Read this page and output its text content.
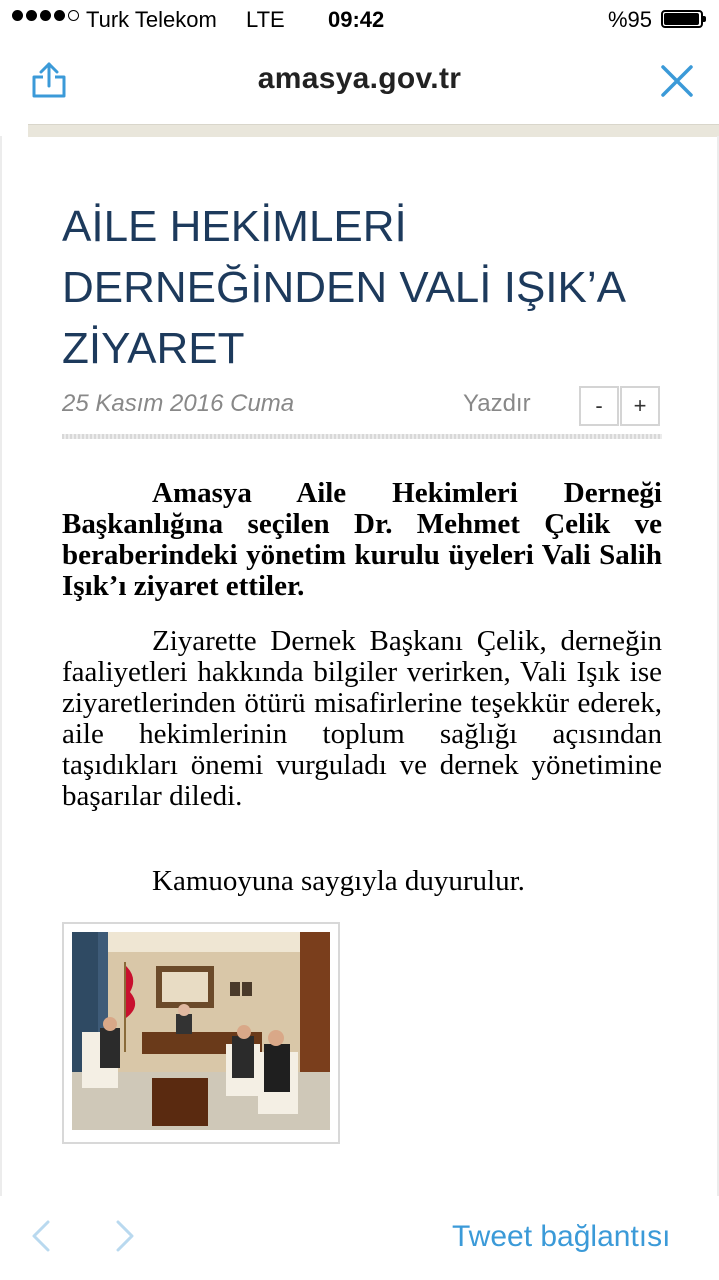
Turk Telekom LTE 09:42	%95
amasya.gov.tr
AİLE HEKİMLERİ DERNEĞİNDEN VALİ IŞIK’A ZİYARET
25 Kasım 2016 Cuma	Yazdır	-	+

Amasya Aile Hekimleri Derneği Başkanlığına seçilen Dr. Mehmet Çelik ve beraberindeki yönetim kurulu üyeleri Vali Salih Işık’ı ziyaret ettiler.

Ziyarette Dernek Başkanı Çelik, derneğin faaliyetleri hakkında bilgiler verirken, Vali Işık ise ziyaretlerinden ötürü misafirlerine teşekkür ederek, aile hekimlerinin toplum sağlığı açısından taşıdıkları önemi vurguladı ve dernek yönetimine başarılar diledi.

Kamuoyuna saygıyla duyurulur.

Tweet bağlantısı
